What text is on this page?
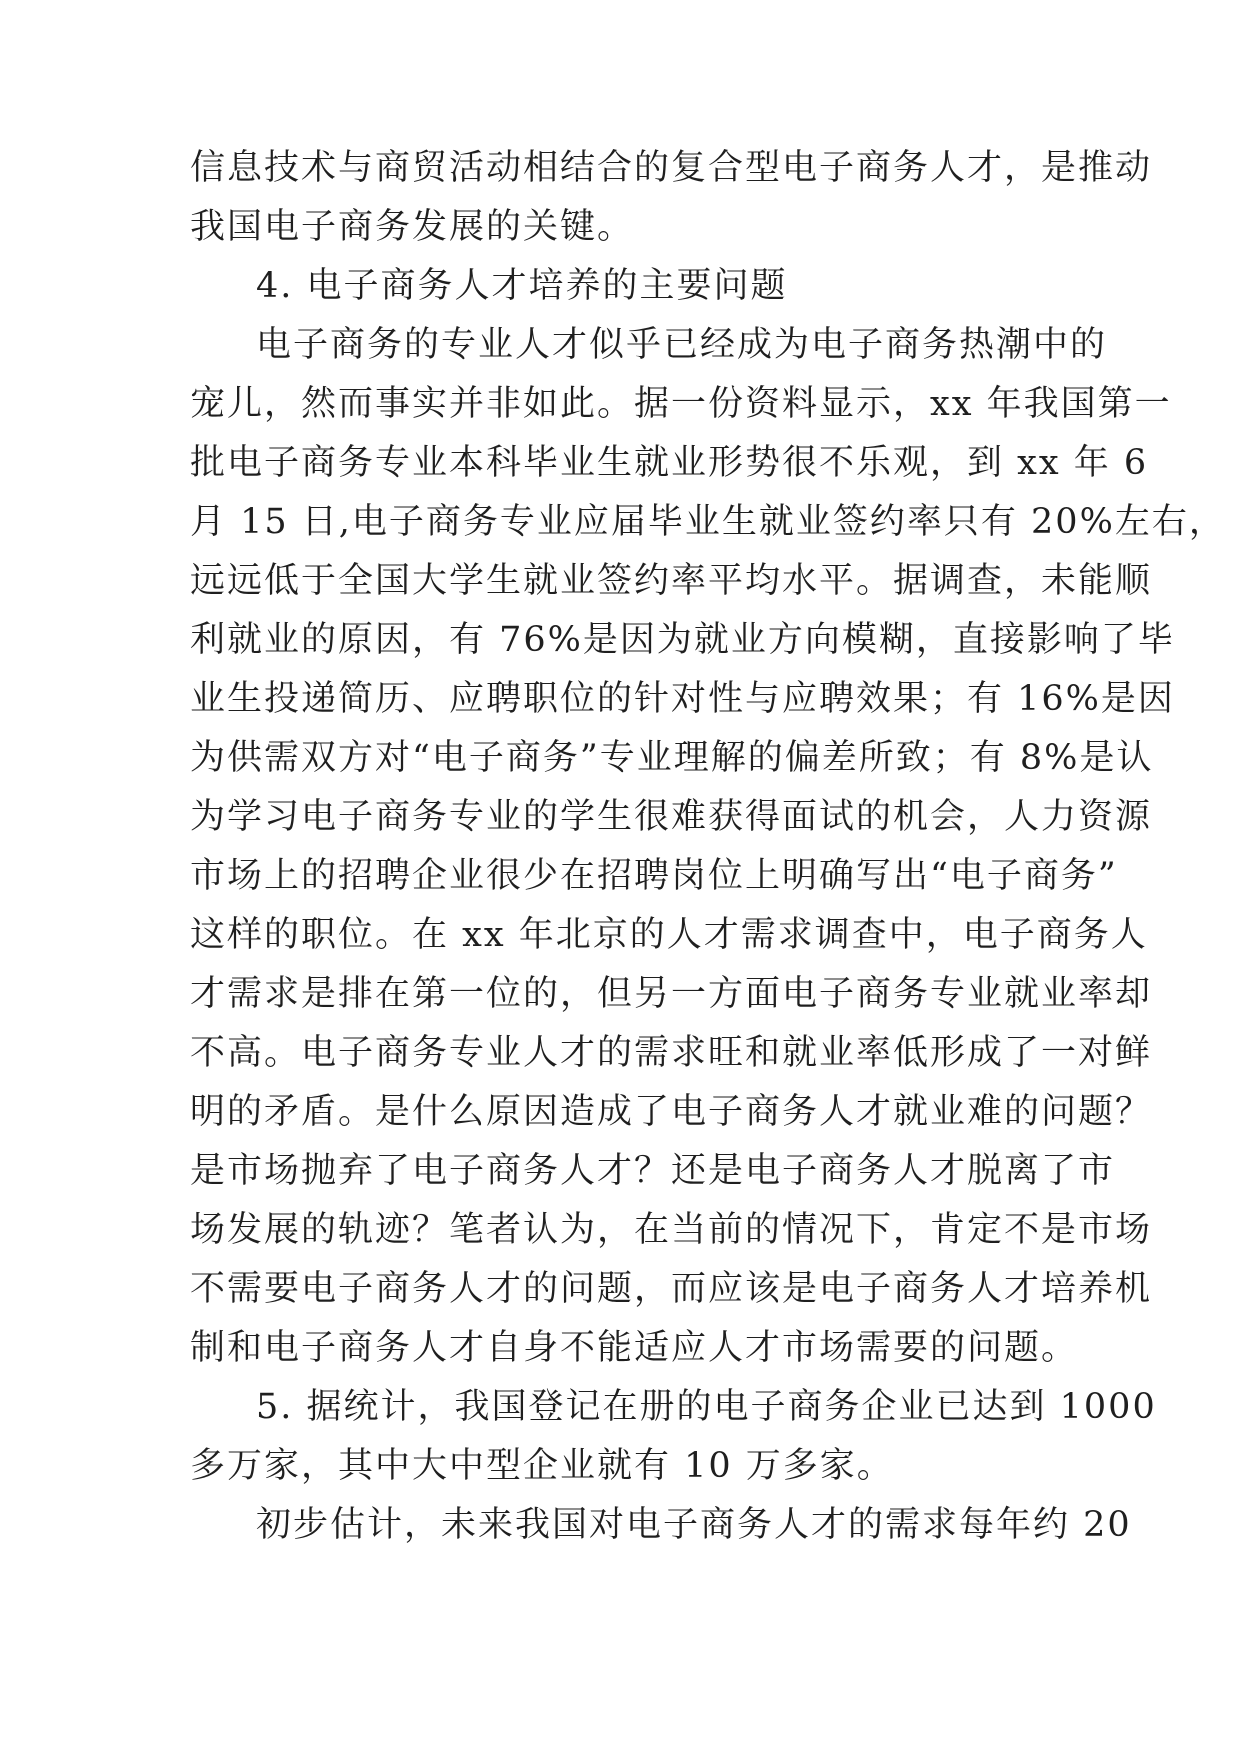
信息技术与商贸活动相结合的复合型电子商务人才，是推动
我国电子商务发展的关键。
4. 电子商务人才培养的主要问题
电子商务的专业人才似乎已经成为电子商务热潮中的
宠儿，然而事实并非如此。据一份资料显示，xx 年我国第一
批电子商务专业本科毕业生就业形势很不乐观，到 xx 年 6
月 15 日,电子商务专业应届毕业生就业签约率只有 20%左右，
远远低于全国大学生就业签约率平均水平。据调查，未能顺
利就业的原因，有 76%是因为就业方向模糊，直接影响了毕
业生投递简历、应聘职位的针对性与应聘效果；有 16%是因
为供需双方对“电子商务”专业理解的偏差所致；有 8%是认
为学习电子商务专业的学生很难获得面试的机会，人力资源
市场上的招聘企业很少在招聘岗位上明确写出“电子商务”
这样的职位。在 xx 年北京的人才需求调查中，电子商务人
才需求是排在第一位的，但另一方面电子商务专业就业率却
不高。电子商务专业人才的需求旺和就业率低形成了一对鲜
明的矛盾。是什么原因造成了电子商务人才就业难的问题？
是市场抛弃了电子商务人才？还是电子商务人才脱离了市
场发展的轨迹？笔者认为，在当前的情况下，肯定不是市场
不需要电子商务人才的问题，而应该是电子商务人才培养机
制和电子商务人才自身不能适应人才市场需要的问题。
5. 据统计，我国登记在册的电子商务企业已达到 1000
多万家，其中大中型企业就有 10 万多家。
初步估计，未来我国对电子商务人才的需求每年约 20
